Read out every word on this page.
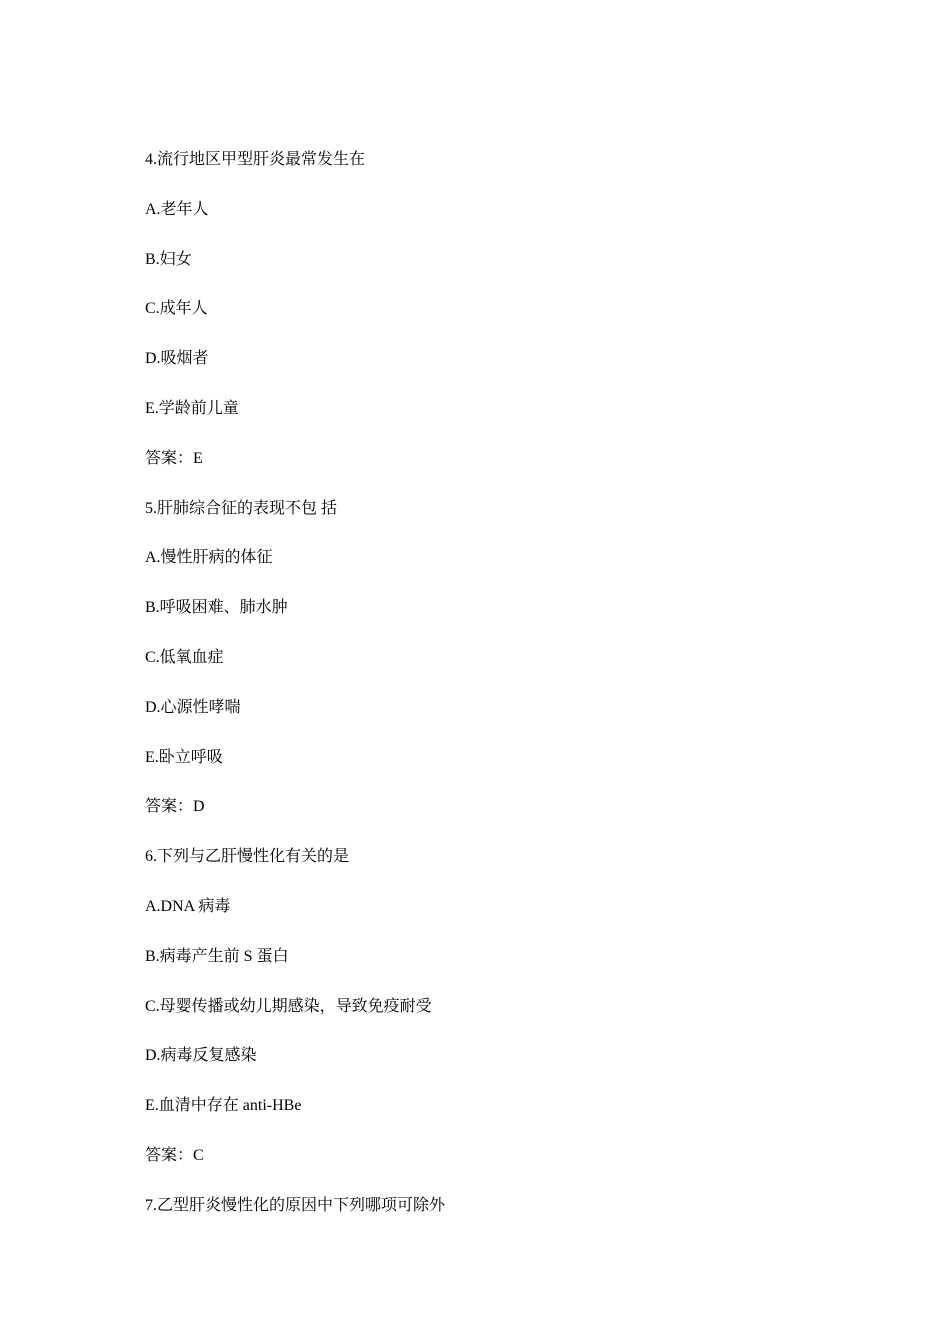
4.流行地区甲型肝炎最常发生在
A.老年人
B.妇女
C.成年人
D.吸烟者
E.学龄前儿童
答案：E
5.肝肺综合征的表现不包 括
A.慢性肝病的体征
B.呼吸困难、肺水肿
C.低氧血症
D.心源性哮喘
E.卧立呼吸
答案：D
6.下列与乙肝慢性化有关的是
A.DNA 病毒
B.病毒产生前 S 蛋白
C.母婴传播或幼儿期感染，导致免疫耐受
D.病毒反复感染
E.血清中存在 anti-HBe
答案：C
7.乙型肝炎慢性化的原因中下列哪项可除外
